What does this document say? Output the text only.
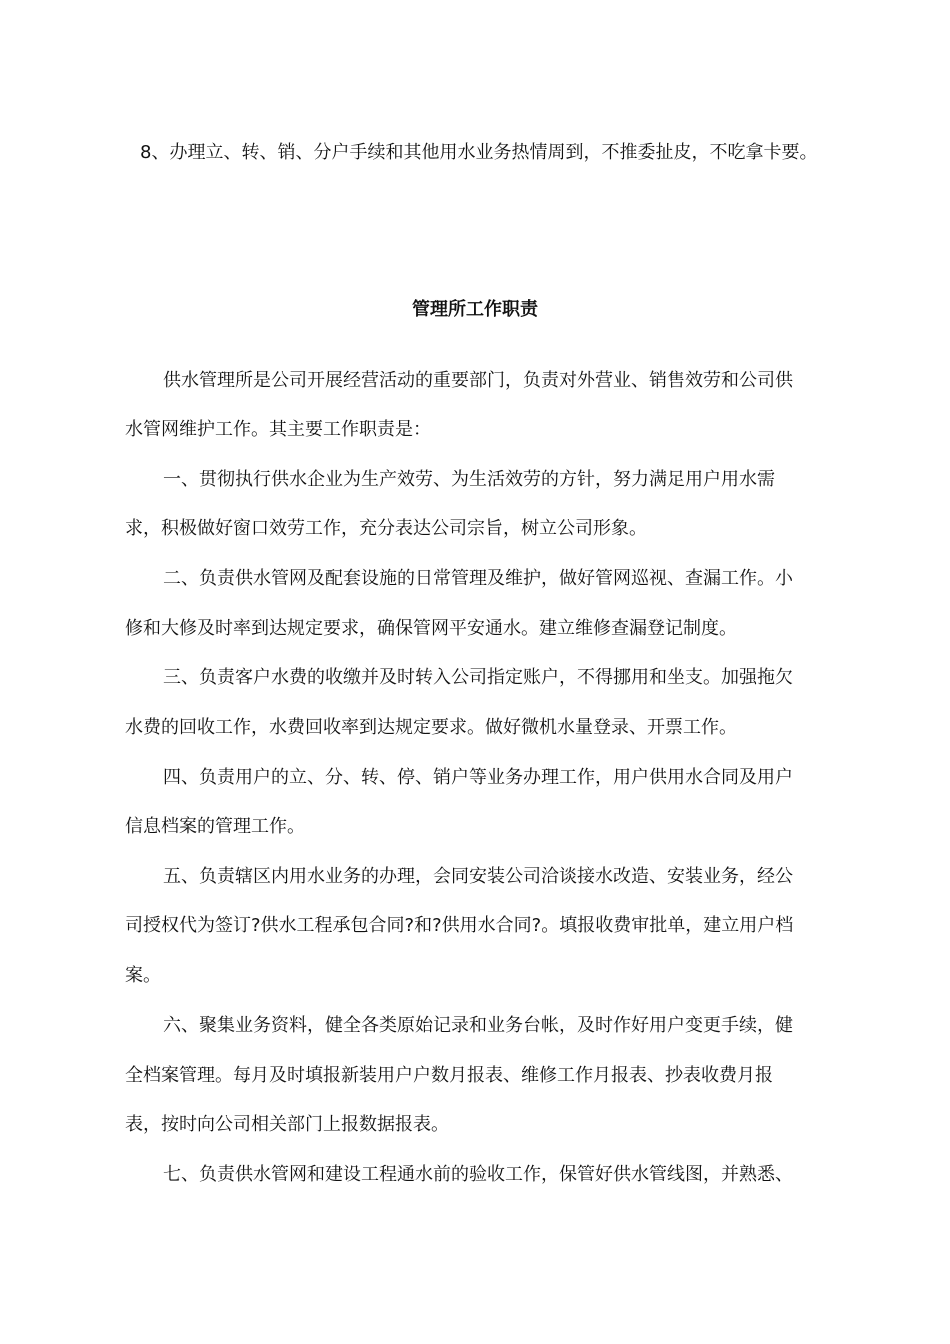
8、办理立、转、销、分户手续和其他用水业务热情周到，不推委扯皮，不吃拿卡要。
管理所工作职责
供水管理所是公司开展经营活动的重要部门，负责对外营业、销售效劳和公司供
水管网维护工作。其主要工作职责是：
一、贯彻执行供水企业为生产效劳、为生活效劳的方针，努力满足用户用水需
求，积极做好窗口效劳工作，充分表达公司宗旨，树立公司形象。
二、负责供水管网及配套设施的日常管理及维护，做好管网巡视、查漏工作。小
修和大修及时率到达规定要求，确保管网平安通水。建立维修查漏登记制度。
三、负责客户水费的收缴并及时转入公司指定账户，不得挪用和坐支。加强拖欠
水费的回收工作，水费回收率到达规定要求。做好微机水量登录、开票工作。
四、负责用户的立、分、转、停、销户等业务办理工作，用户供用水合同及用户
信息档案的管理工作。
五、负责辖区内用水业务的办理，会同安装公司洽谈接水改造、安装业务，经公
司授权代为签订?供水工程承包合同?和?供用水合同?。填报收费审批单，建立用户档
案。
六、聚集业务资料，健全各类原始记录和业务台帐，及时作好用户变更手续，健
全档案管理。每月及时填报新装用户户数月报表、维修工作月报表、抄表收费月报
表，按时向公司相关部门上报数据报表。
七、负责供水管网和建设工程通水前的验收工作，保管好供水管线图，并熟悉、
